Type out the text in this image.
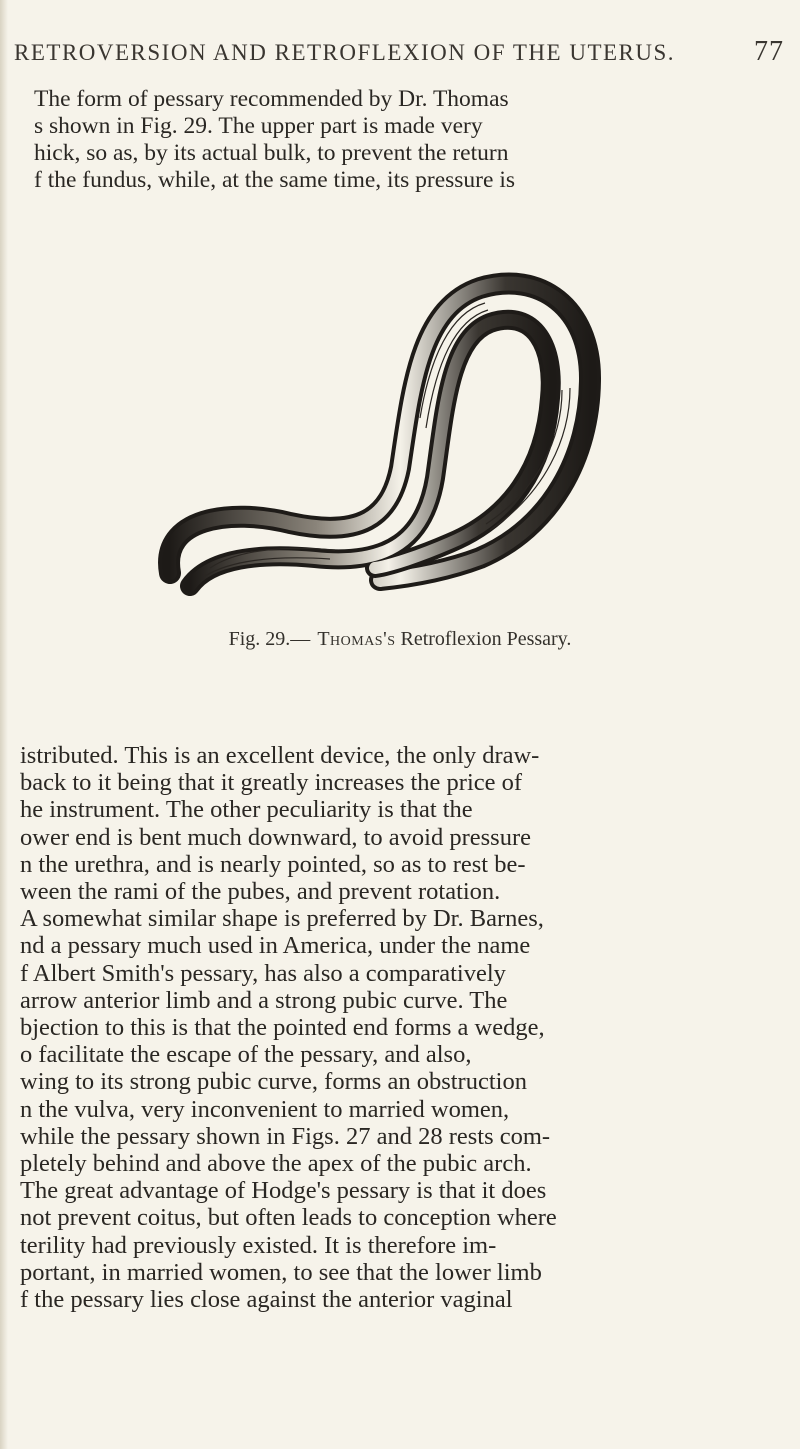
RETROVERSION AND RETROFLEXION OF THE UTERUS.	77

The form of pessary recommended by Dr. Thomas

s shown in Fig. 29. The upper part is made very

hick, so as, by its actual bulk, to prevent the return

f the fundus, while, at the same time, its pressure is

Fig. 29.— Thomas's Retroflexion Pessary.

istributed. This is an excellent device, the only draw-

back to it being that it greatly increases the price of

he instrument. The other peculiarity is that the

ower end is bent much downward, to avoid pressure

n the urethra, and is nearly pointed, so as to rest be-

ween the rami of the pubes, and prevent rotation.

A somewhat similar shape is preferred by Dr. Barnes,

nd a pessary much used in America, under the name

f Albert Smith's pessary, has also a comparatively

arrow anterior limb and a strong pubic curve. The

bjection to this is that the pointed end forms a wedge,

o facilitate the escape of the pessary, and also,

wing to its strong pubic curve, forms an obstruction

n the vulva, very inconvenient to married women,

while the pessary shown in Figs. 27 and 28 rests com-

pletely behind and above the apex of the pubic arch.

The great advantage of Hodge's pessary is that it does

not prevent coitus, but often leads to conception where

terility had previously existed. It is therefore im-

portant, in married women, to see that the lower limb

f the pessary lies close against the anterior vaginal
